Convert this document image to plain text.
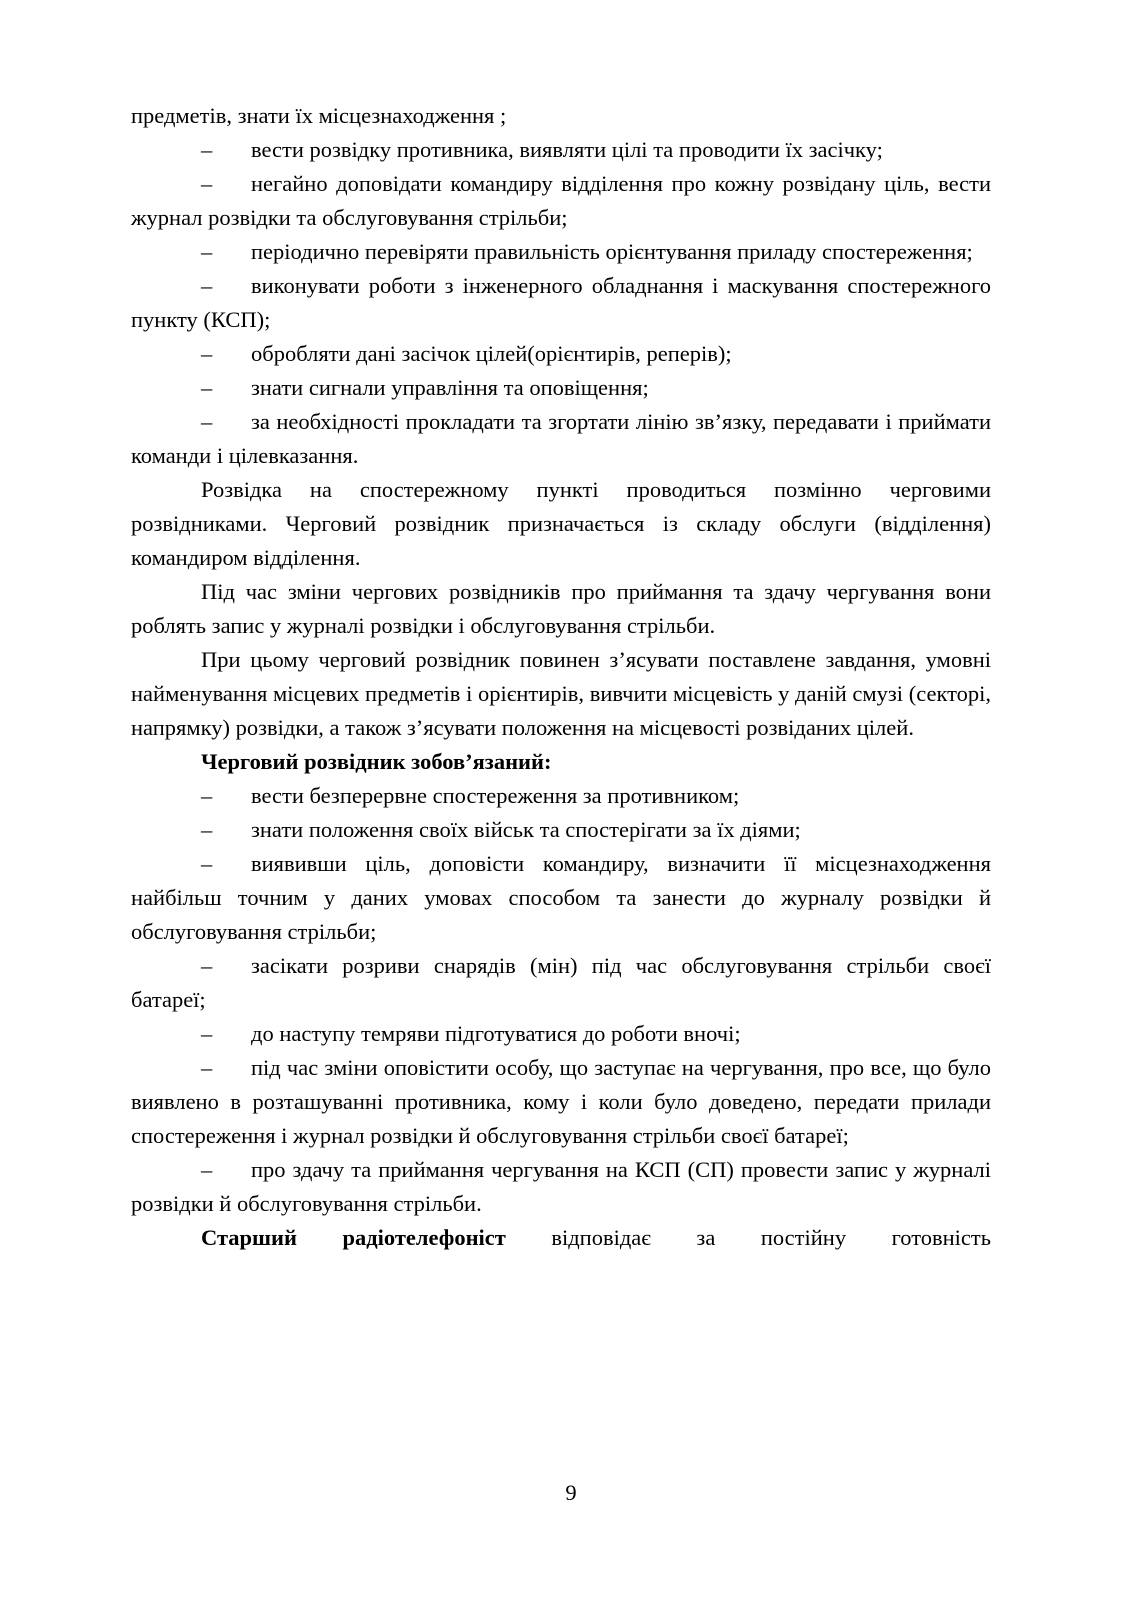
предметів, знати їх місцезнаходження ;

– вести розвідку противника, виявляти цілі та проводити їх засічку;

– негайно доповідати командиру відділення про кожну розвідану ціль, вести журнал розвідки та обслуговування стрільби;

– періодично перевіряти правильність орієнтування приладу спостереження;

– виконувати роботи з інженерного обладнання і маскування спостережного пункту (КСП);

– обробляти дані засічок цілей(орієнтирів, реперів);

– знати сигнали управління та оповіщення;

– за необхідності прокладати та згортати лінію зв’язку, передавати і приймати команди і цілевказання.

Розвідка на спостережному пункті проводиться позмінно черговими розвідниками. Черговий розвідник призначається із складу обслуги (відділення) командиром відділення.

Під час зміни чергових розвідників про приймання та здачу чергування вони роблять запис у журналі розвідки і обслуговування стрільби.

При цьому черговий розвідник повинен з’ясувати поставлене завдання, умовні найменування місцевих предметів і орієнтирів, вивчити місцевість у даній смузі (секторі, напрямку) розвідки, а також з’ясувати положення на місцевості розвіданих цілей.

Черговий розвідник зобов’язаний:

– вести безперервне спостереження за противником;

– знати положення своїх військ та спостерігати за їх діями;

– виявивши ціль, доповісти командиру, визначити її місцезнаходження найбільш точним у даних умовах способом та занести до журналу розвідки й обслуговування стрільби;

– засікати розриви снарядів (мін) під час обслуговування стрільби своєї батареї;

– до наступу темряви підготуватися до роботи вночі;

– під час зміни оповістити особу, що заступає на чергування, про все, що було виявлено в розташуванні противника, кому і коли було доведено, передати прилади спостереження і журнал розвідки й обслуговування стрільби своєї батареї;

– про здачу та приймання чергування на КСП (СП) провести запис у журналі розвідки й обслуговування стрільби.

Старший радіотелефоніст відповідає за постійну готовність

9
